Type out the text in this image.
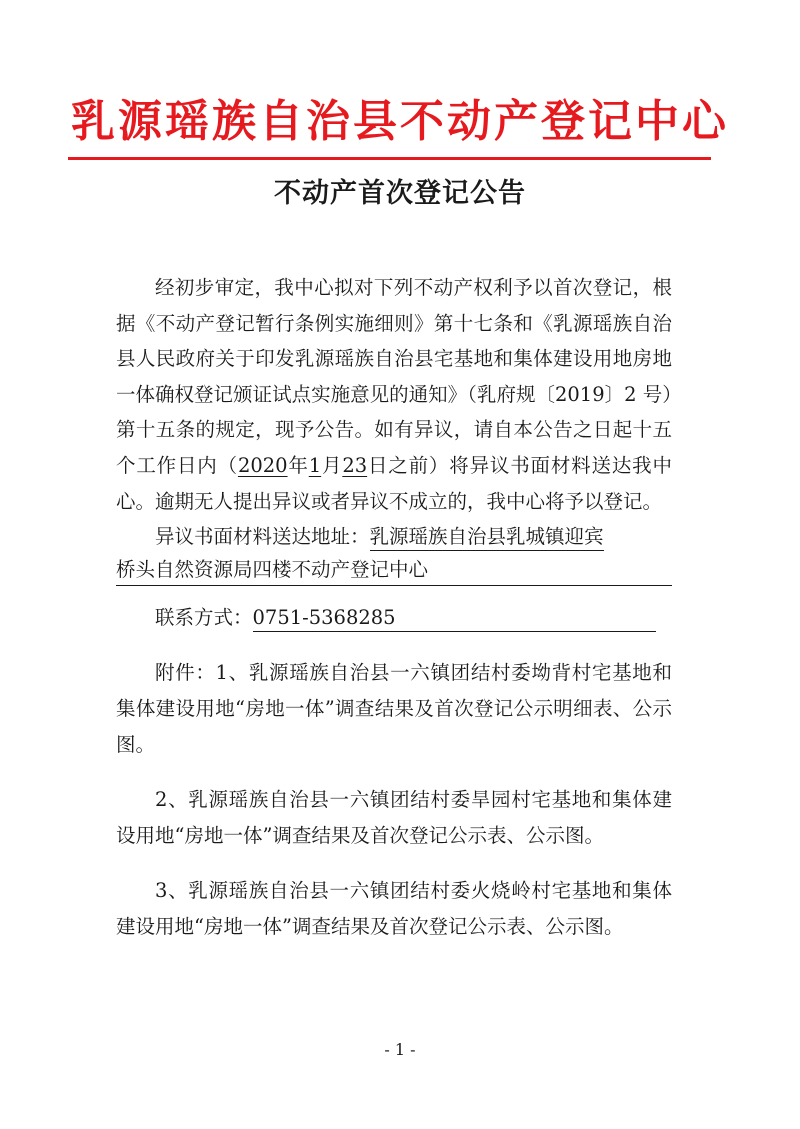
乳源瑶族自治县不动产登记中心
不动产首次登记公告

经初步审定，我中心拟对下列不动产权利予以首次登记，根据《不动产登记暂行条例实施细则》第十七条和《乳源瑶族自治县人民政府关于印发乳源瑶族自治县宅基地和集体建设用地房地一体确权登记颁证试点实施意见的通知》（乳府规〔2019〕2 号）第十五条的规定，现予公告。如有异议，请自本公告之日起十五个工作日内（2020年1月23日之前）将异议书面材料送达我中心。逾期无人提出异议或者异议不成立的，我中心将予以登记。

异议书面材料送达地址：乳源瑶族自治县乳城镇迎宾
桥头自然资源局四楼不动产登记中心
联系方式：0751-5368285

附件：1、乳源瑶族自治县一六镇团结村委坳背村宅基地和集体建设用地“房地一体”调查结果及首次登记公示明细表、公示图。

2、乳源瑶族自治县一六镇团结村委旱园村宅基地和集体建设用地“房地一体”调查结果及首次登记公示表、公示图。

3、乳源瑶族自治县一六镇团结村委火烧岭村宅基地和集体建设用地“房地一体”调查结果及首次登记公示表、公示图。

- 1 -
